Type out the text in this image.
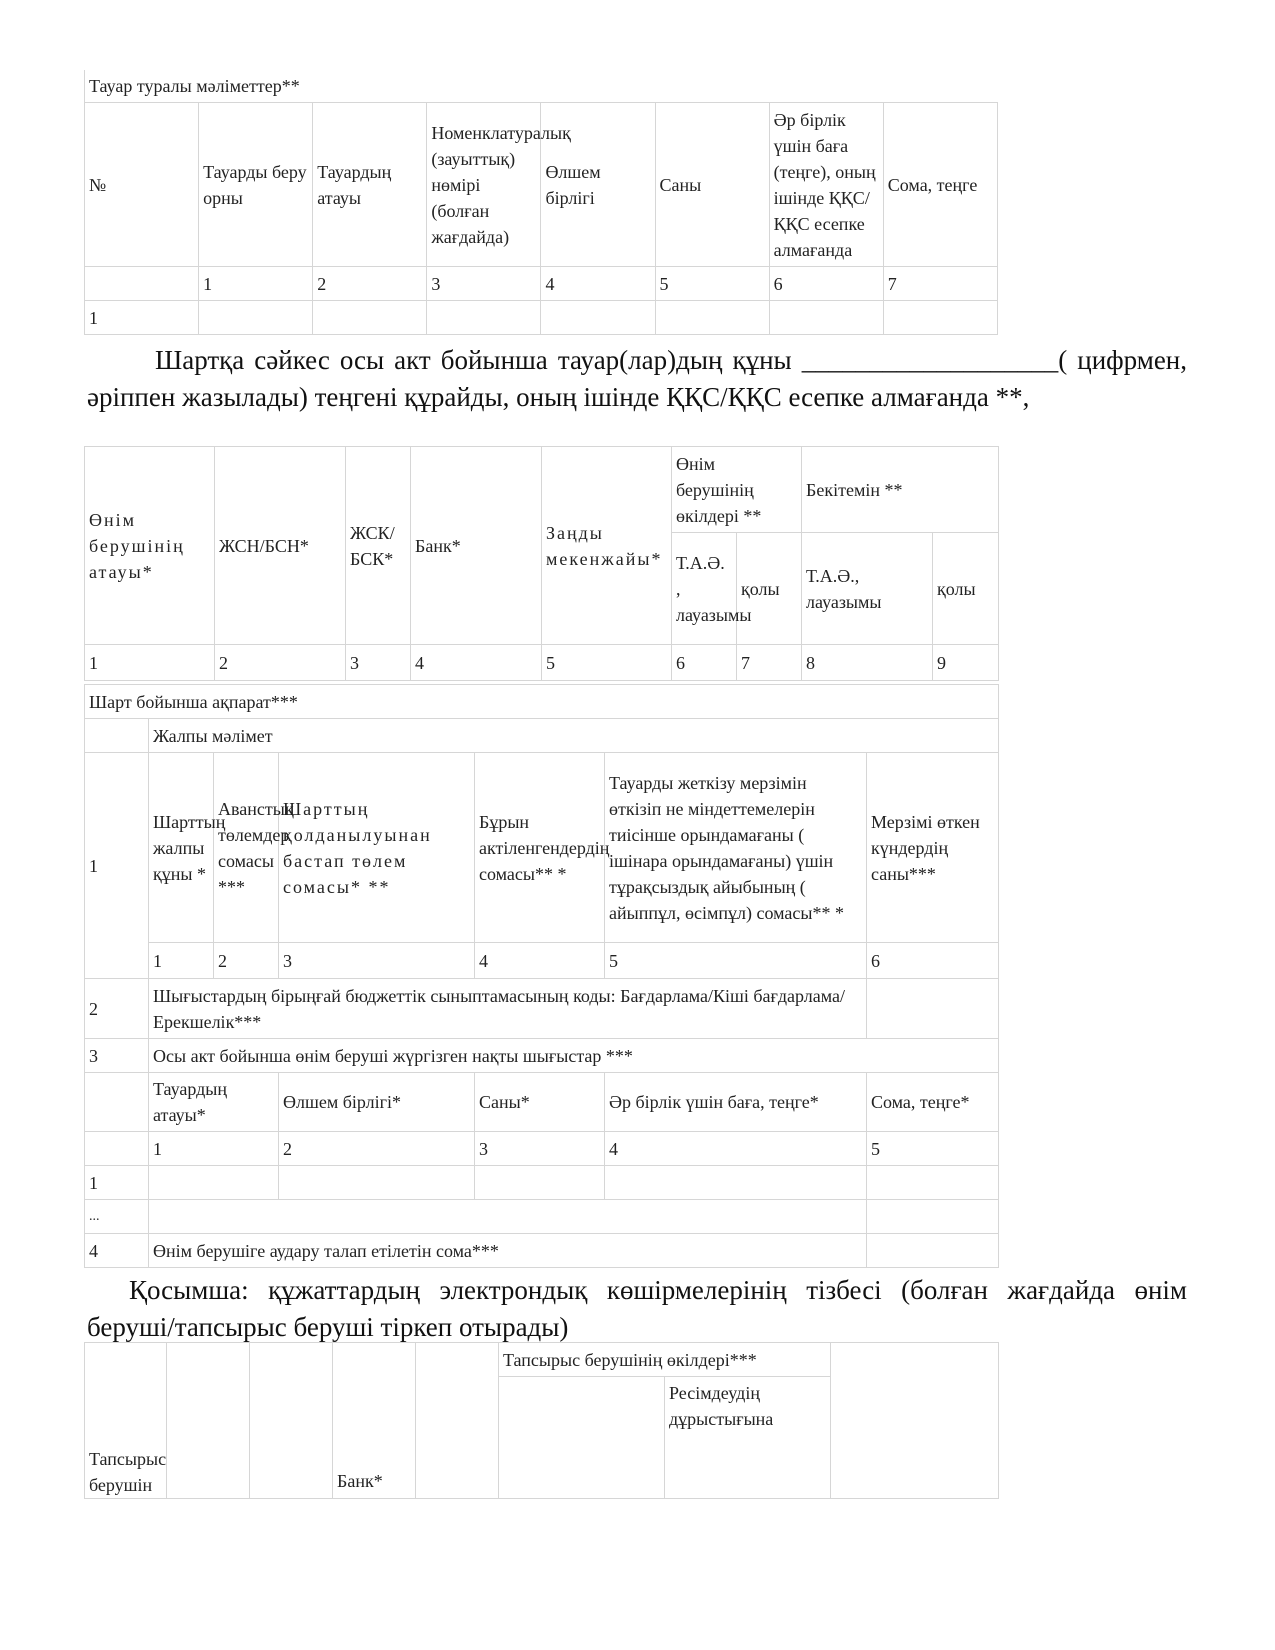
Тауар туралы мәліметтер**							
№	Тауарды беру орны	Тауардың атауы	Номенклатуралық (зауыттық) нөмірі (болған жағдайда)	Өлшем бірлігі	Саны	Әр бірлік үшін баға (теңге), оның ішінде ҚҚС/ҚҚС есепке алмағанда	Сома, теңге
	1	2	3	4	5	6	7
1							
Шартқа сәйкес осы акт бойынша тауар(лар)дың құны ___________________( цифрмен, әріппен жазылады) теңгені құрайды, оның ішінде ҚҚС/ҚҚС есепке алмағанда **,
Өнім берушінің атауы*	ЖСН/БСН*	ЖСК/ БСК*	Банк*	Заңды мекенжайы*	Өнім берушінің өкілдері **		Бекітемін **	
					Т.А.Ә. , лауазымы	қолы	Т.А.Ә., лауазымы	қолы
1	2	3	4	5	6	7	8	9
Шарт бойынша ақпарат***						
	Жалпы мәлімет					
1	Шарттың жалпы құны *	Аванстық төлемдер сомасы ***	Шарттың қолданылуынан бастап төлем сомасы* **	Бұрын актіленгендердің сомасы** *	Тауарды жеткізу мерзімін өткізіп не міндеттемелерін тиісінше орындамағаны ( ішінара орындамағаны) үшін тұрақсыздық айыбының ( айыппұл, өсімпұл) сомасы** *	Мерзімі өткен күндердің саны***
	1	2	3	4	5	6
2	Шығыстардың бірыңғай бюджеттік сыныптамасының коды: Бағдарлама/Кіші бағдарлама/Ерекшелік***					
3	Осы акт бойынша өнім беруші жүргізген нақты шығыстар ***					
	Тауардың атауы*		Өлшем бірлігі*	Саны*	Әр бірлік үшін баға, теңге*	Сома, теңге*
	1		2	3	4	5
1						
...						
4	Өнім берушіге аудару талап етілетін сома***					
Қосымша: құжаттардың электрондық көшірмелерінің тізбесі (болған жағдайда өнім беруші/тапсырыс беруші тіркеп отырады)
Тапсырыс берушін			Банк*		Тапсырыс берушінің өкілдері***		
						Ресімдеудің дұрыстығына	
